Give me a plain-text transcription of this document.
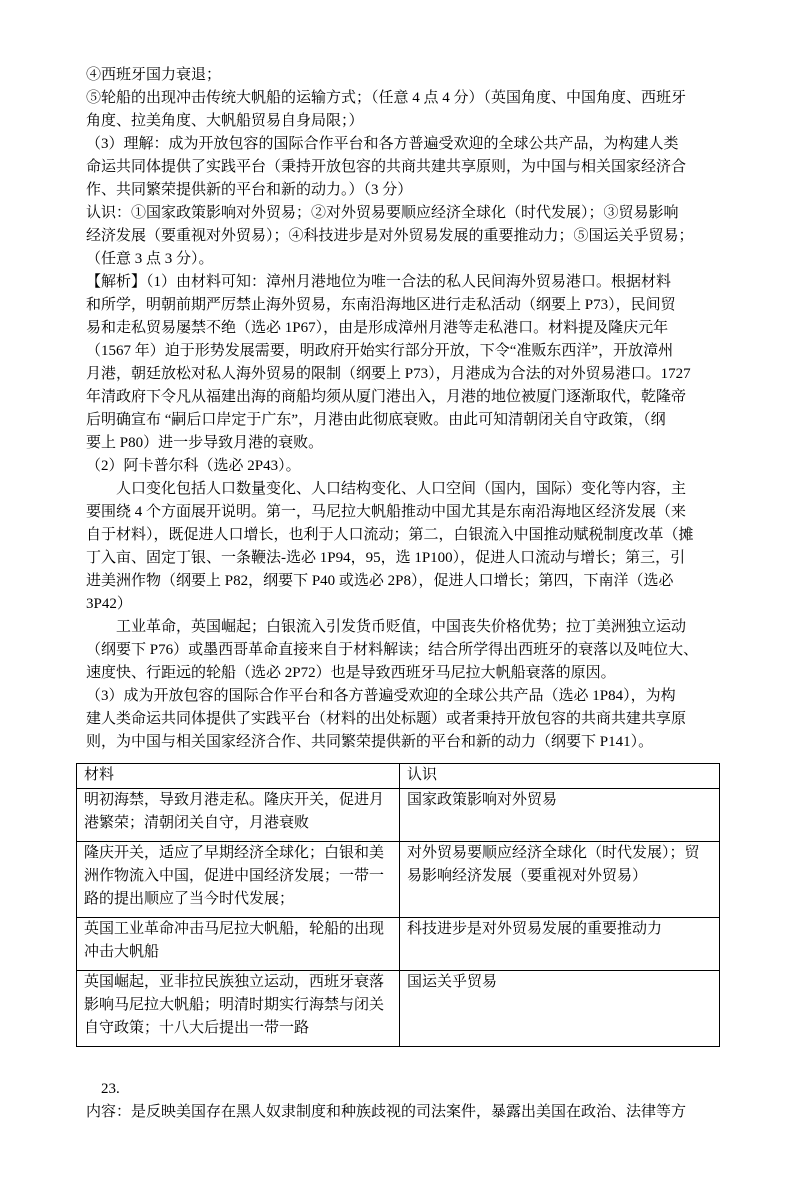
④西班牙国力衰退；
⑤轮船的出现冲击传统大帆船的运输方式；（任意 4 点 4 分）（英国角度、中国角度、西班牙
角度、拉美角度、大帆船贸易自身局限；）
（3）理解：成为开放包容的国际合作平台和各方普遍受欢迎的全球公共产品，为构建人类
命运共同体提供了实践平台（秉持开放包容的共商共建共享原则，为中国与相关国家经济合
作、共同繁荣提供新的平台和新的动力。）（3 分）
认识：①国家政策影响对外贸易；②对外贸易要顺应经济全球化（时代发展）；③贸易影响
经济发展（要重视对外贸易）；④科技进步是对外贸易发展的重要推动力；⑤国运关乎贸易；
（任意 3 点 3 分）。
【解析】（1）由材料可知：漳州月港地位为唯一合法的私人民间海外贸易港口。根据材料
和所学，明朝前期严厉禁止海外贸易，东南沿海地区进行走私活动（纲要上 P73），民间贸
易和走私贸易屡禁不绝（选必 1P67），由是形成漳州月港等走私港口。材料提及隆庆元年
（1567 年）迫于形势发展需要，明政府开始实行部分开放，下令“准贩东西洋”，开放漳州
月港，朝廷放松对私人海外贸易的限制（纲要上 P73），月港成为合法的对外贸易港口。1727
年清政府下令凡从福建出海的商船均须从厦门港出入，月港的地位被厦门逐渐取代，乾隆帝
后明确宣布 “嗣后口岸定于广东”，月港由此彻底衰败。由此可知清朝闭关自守政策，（纲
要上 P80）进一步导致月港的衰败。
（2）阿卡普尔科（选必 2P43）。
　　人口变化包括人口数量变化、人口结构变化、人口空间（国内，国际）变化等内容，主
要围绕 4 个方面展开说明。第一，马尼拉大帆船推动中国尤其是东南沿海地区经济发展（来
自于材料），既促进人口增长，也利于人口流动；第二，白银流入中国推动赋税制度改革（摊
丁入亩、固定丁银、一条鞭法-选必 1P94，95，选 1P100），促进人口流动与增长；第三，引
进美洲作物（纲要上 P82，纲要下 P40 或选必 2P8），促进人口增长；第四，下南洋（选必
3P42）
　　工业革命，英国崛起；白银流入引发货币贬值，中国丧失价格优势；拉丁美洲独立运动
（纲要下 P76）或墨西哥革命直接来自于材料解读；结合所学得出西班牙的衰落以及吨位大、
速度快、行距远的轮船（选必 2P72）也是导致西班牙马尼拉大帆船衰落的原因。
（3）成为开放包容的国际合作平台和各方普遍受欢迎的全球公共产品（选必 1P84），为构
建人类命运共同体提供了实践平台（材料的出处标题）或者秉持开放包容的共商共建共享原
则，为中国与相关国家经济合作、共同繁荣提供新的平台和新的动力（纲要下 P141）。
材料	认识
明初海禁，导致月港走私。隆庆开关，促进月港繁荣；清朝闭关自守，月港衰败	国家政策影响对外贸易
隆庆开关，适应了早期经济全球化；白银和美洲作物流入中国，促进中国经济发展；一带一路的提出顺应了当今时代发展；	对外贸易要顺应经济全球化（时代发展）；贸易影响经济发展（要重视对外贸易）
英国工业革命冲击马尼拉大帆船，轮船的出现冲击大帆船	科技进步是对外贸易发展的重要推动力
英国崛起，亚非拉民族独立运动，西班牙衰落影响马尼拉大帆船；明清时期实行海禁与闭关自守政策；十八大后提出一带一路	国运关乎贸易
　23.
内容：是反映美国存在黑人奴隶制度和种族歧视的司法案件，暴露出美国在政治、法律等方
